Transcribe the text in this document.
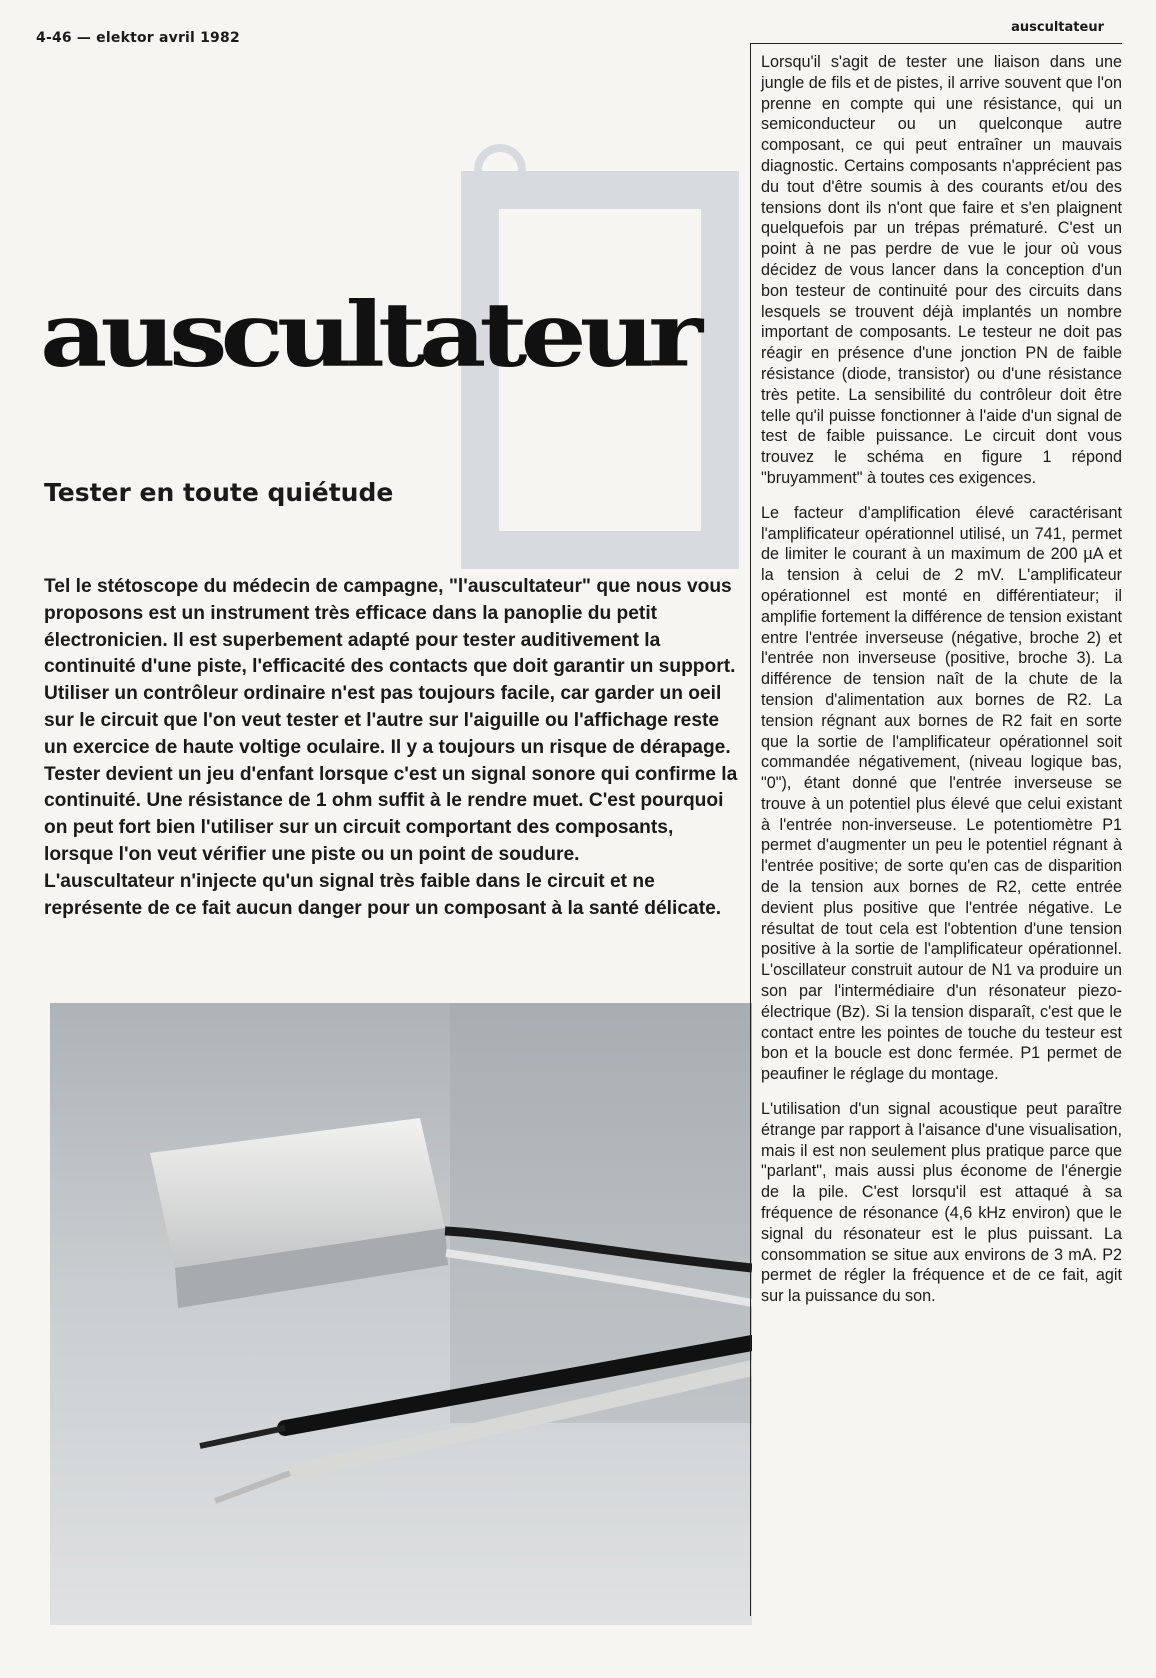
4-46 — elektor avril 1982
auscultateur
auscultateur
Tester en toute quiétude

Tel le stétoscope du médecin de campagne, "l'auscultateur" que nous vous proposons est un instrument très efficace dans la panoplie du petit électronicien. Il est superbement adapté pour tester auditivement la continuité d'une piste, l'efficacité des contacts que doit garantir un support. Utiliser un contrôleur ordinaire n'est pas toujours facile, car garder un oeil sur le circuit que l'on veut tester et l'autre sur l'aiguille ou l'affichage reste un exercice de haute voltige oculaire. Il y a toujours un risque de dérapage. Tester devient un jeu d'enfant lorsque c'est un signal sonore qui confirme la continuité. Une résistance de 1 ohm suffit à le rendre muet. C'est pourquoi on peut fort bien l'utiliser sur un circuit comportant des composants, lorsque l'on veut vérifier une piste ou un point de soudure.

L'auscultateur n'injecte qu'un signal très faible dans le circuit et ne représente de ce fait aucun danger pour un composant à la santé délicate.

Lorsqu'il s'agit de tester une liaison dans une jungle de fils et de pistes, il arrive souvent que l'on prenne en compte qui une résistance, qui un semiconducteur ou un quelconque autre composant, ce qui peut entraîner un mauvais diagnostic. Certains composants n'apprécient pas du tout d'être soumis à des courants et/ou des tensions dont ils n'ont que faire et s'en plaignent quelquefois par un trépas prématuré. C'est un point à ne pas perdre de vue le jour où vous décidez de vous lancer dans la conception d'un bon testeur de continuité pour des circuits dans lesquels se trouvent déjà implantés un nombre important de composants. Le testeur ne doit pas réagir en présence d'une jonction PN de faible résistance (diode, transistor) ou d'une résistance très petite. La sensibilité du contrôleur doit être telle qu'il puisse fonctionner à l'aide d'un signal de test de faible puissance. Le circuit dont vous trouvez le schéma en figure 1 répond "bruyamment" à toutes ces exigences.

Le facteur d'amplification élevé caractérisant l'amplificateur opérationnel utilisé, un 741, permet de limiter le courant à un maximum de 200 µA et la tension à celui de 2 mV. L'amplificateur opérationnel est monté en différentiateur; il amplifie fortement la différence de tension existant entre l'entrée inverseuse (négative, broche 2) et l'entrée non inverseuse (positive, broche 3). La différence de tension naît de la chute de la tension d'alimentation aux bornes de R2. La tension régnant aux bornes de R2 fait en sorte que la sortie de l'amplificateur opérationnel soit commandée négativement, (niveau logique bas, "0"), étant donné que l'entrée inverseuse se trouve à un potentiel plus élevé que celui existant à l'entrée non-inverseuse. Le potentiomètre P1 permet d'augmenter un peu le potentiel régnant à l'entrée positive; de sorte qu'en cas de disparition de la tension aux bornes de R2, cette entrée devient plus positive que l'entrée négative. Le résultat de tout cela est l'obtention d'une tension positive à la sortie de l'amplificateur opérationnel. L'oscillateur construit autour de N1 va produire un son par l'intermédiaire d'un résonateur piezo-électrique (Bz). Si la tension disparaît, c'est que le contact entre les pointes de touche du testeur est bon et la boucle est donc fermée. P1 permet de peaufiner le réglage du montage.

L'utilisation d'un signal acoustique peut paraître étrange par rapport à l'aisance d'une visualisation, mais il est non seulement plus pratique parce que "parlant", mais aussi plus économe de l'énergie de la pile. C'est lorsqu'il est attaqué à sa fréquence de résonance (4,6 kHz environ) que le signal du résonateur est le plus puissant. La consommation se situe aux environs de 3 mA. P2 permet de régler la fréquence et de ce fait, agit sur la puissance du son.
